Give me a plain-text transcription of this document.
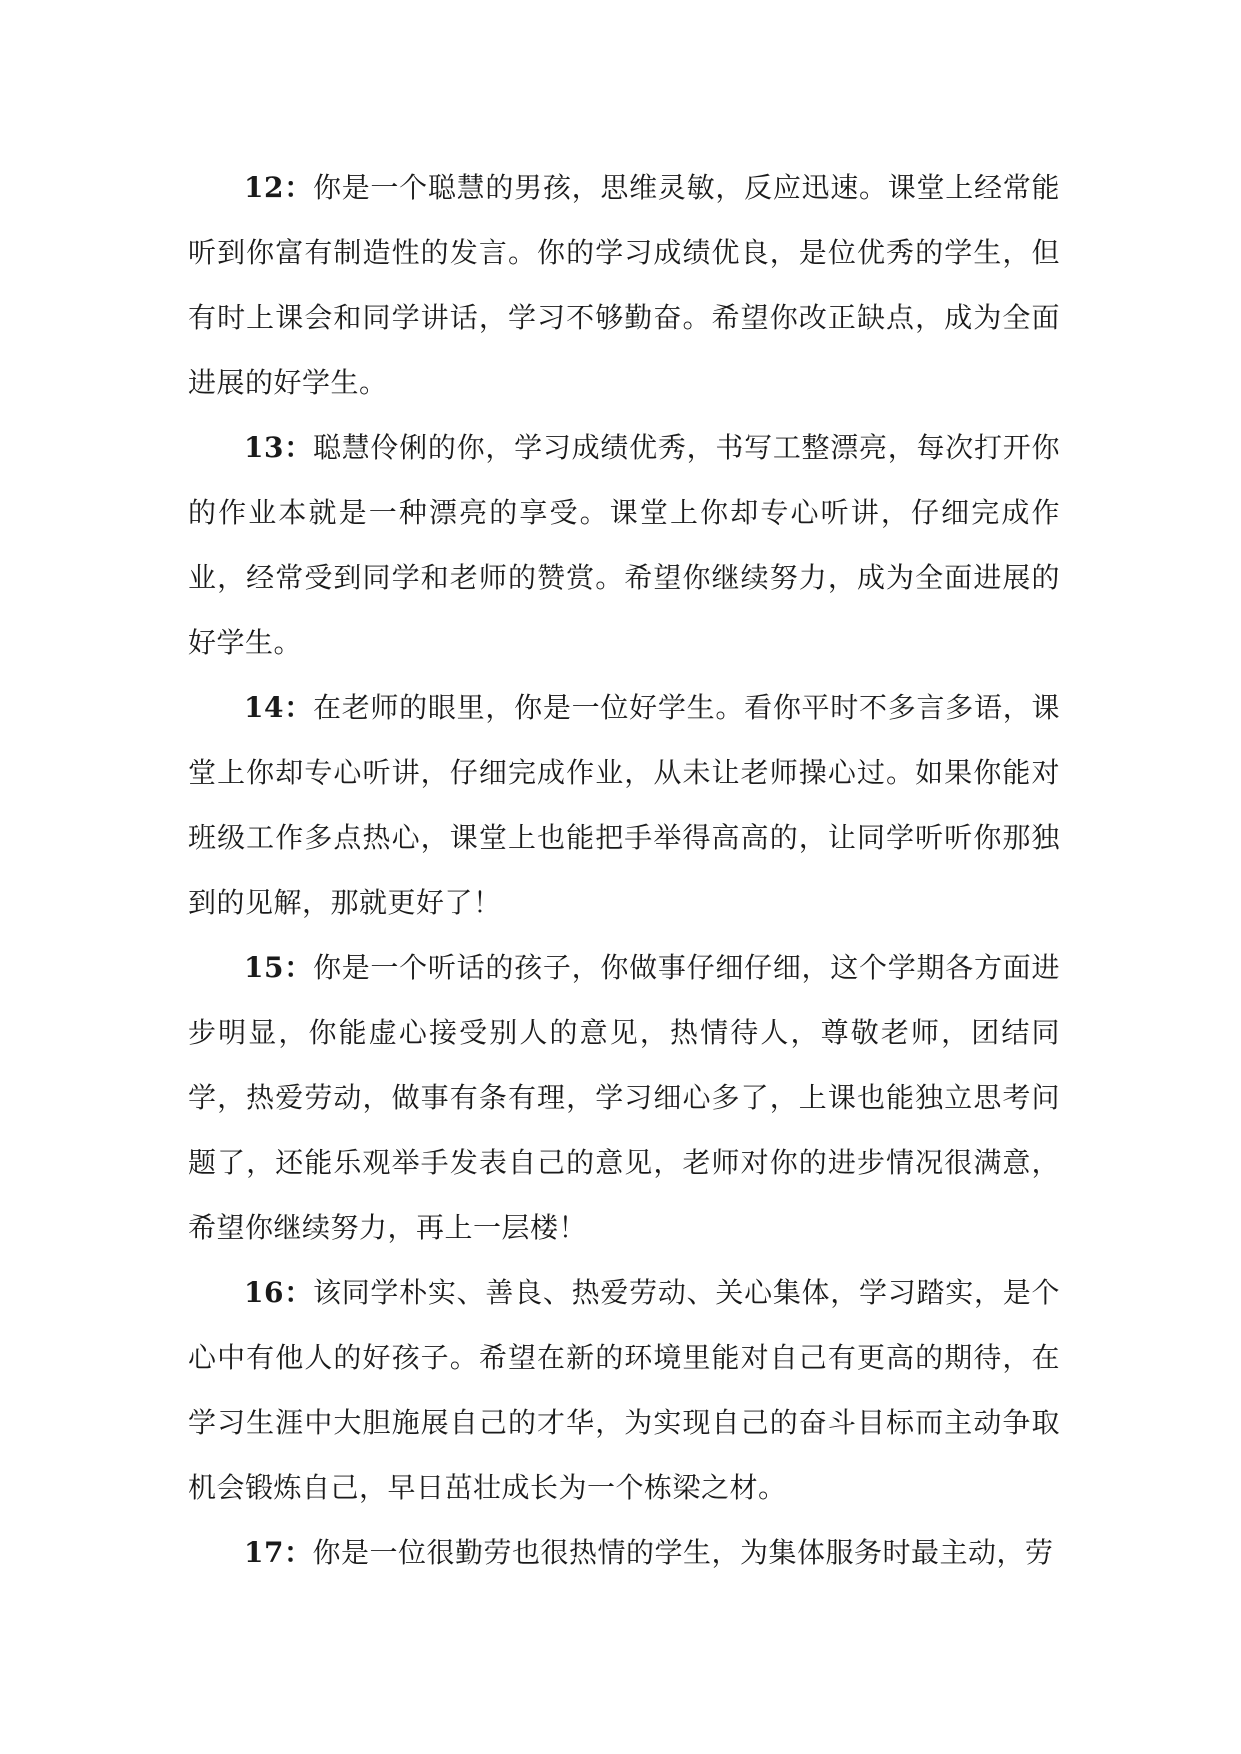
12：你是一个聪慧的男孩，思维灵敏，反应迅速。课堂上经常能听到你富有制造性的发言。你的学习成绩优良，是位优秀的学生，但有时上课会和同学讲话，学习不够勤奋。希望你改正缺点，成为全面进展的好学生。

13：聪慧伶俐的你，学习成绩优秀，书写工整漂亮，每次打开你的作业本就是一种漂亮的享受。课堂上你却专心听讲，仔细完成作业，经常受到同学和老师的赞赏。希望你继续努力，成为全面进展的好学生。

14：在老师的眼里，你是一位好学生。看你平时不多言多语，课堂上你却专心听讲，仔细完成作业，从未让老师操心过。如果你能对班级工作多点热心，课堂上也能把手举得高高的，让同学听听你那独到的见解，那就更好了！

15：你是一个听话的孩子，你做事仔细仔细，这个学期各方面进步明显，你能虚心接受别人的意见，热情待人，尊敬老师，团结同学，热爱劳动，做事有条有理，学习细心多了，上课也能独立思考问题了，还能乐观举手发表自己的意见，老师对你的进步情况很满意，希望你继续努力，再上一层楼！

16：该同学朴实、善良、热爱劳动、关心集体，学习踏实，是个心中有他人的好孩子。希望在新的环境里能对自己有更高的期待，在学习生涯中大胆施展自己的才华，为实现自己的奋斗目标而主动争取机会锻炼自己，早日茁壮成长为一个栋梁之材。

17：你是一位很勤劳也很热情的学生，为集体服务时最主动，劳
